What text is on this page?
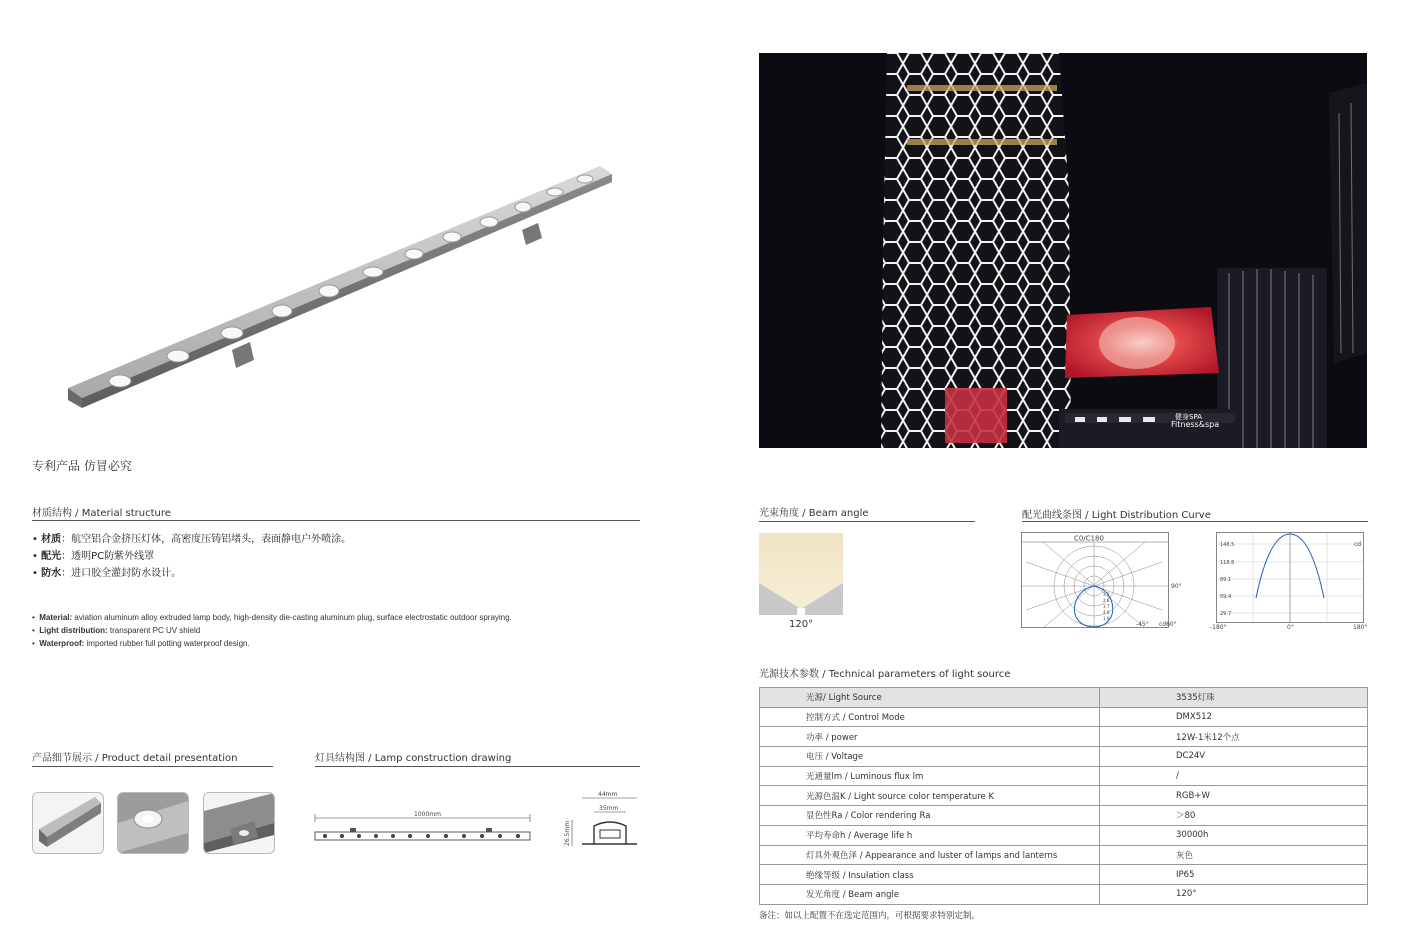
专利产品 仿冒必究
材质结构 / Material structure
• 材质：航空铝合金挤压灯体，高密度压铸铝堵头，表面静电户外喷涂。
• 配光：透明PC防紫外线罩
• 防水：进口胶全灌封防水设计。
•  Material: aviation aluminum alloy extruded lamp body, high-density die-casting aluminum plug, surface electrostatic outdoor spraying.
•  Light distribution: transparent PC UV shield
•  Waterproof: imported rubber full potting waterproof design.
产品细节展示 / Product detail presentation	灯具结构图 / Lamp construction drawing
1000mm
44mm
35mm
26.5mm
Fitness&spa
健身SPA
光束角度 / Beam angle
120°
配光曲线条图 / Light Distribution Curve
C0/C180
3 5
2 6
3 7
4 8
1 9
90°
-45° cd60°
148.5
118.8
89.1
59.4
29.7
cd
-180°	0°	180°
光源技术参数 / Technical parameters of light source
光源/ Light Source	3535灯珠
控制方式 / Control Mode	DMX512
功率 / power	12W-1米12个点
电压 / Voltage	DC24V
光通量lm / Luminous flux lm	/
光源色温K / Light source color temperature K	RGB+W
显色性Ra / Color rendering Ra	＞80
平均寿命h / Average life h	30000h
灯具外观色泽 / Appearance and luster of lamps and lanterns	灰色
绝缘等级 / Insulation class	IP65
发光角度 / Beam angle	120°
备注：如以上配置不在选定范围内，可根据要求特别定制。
